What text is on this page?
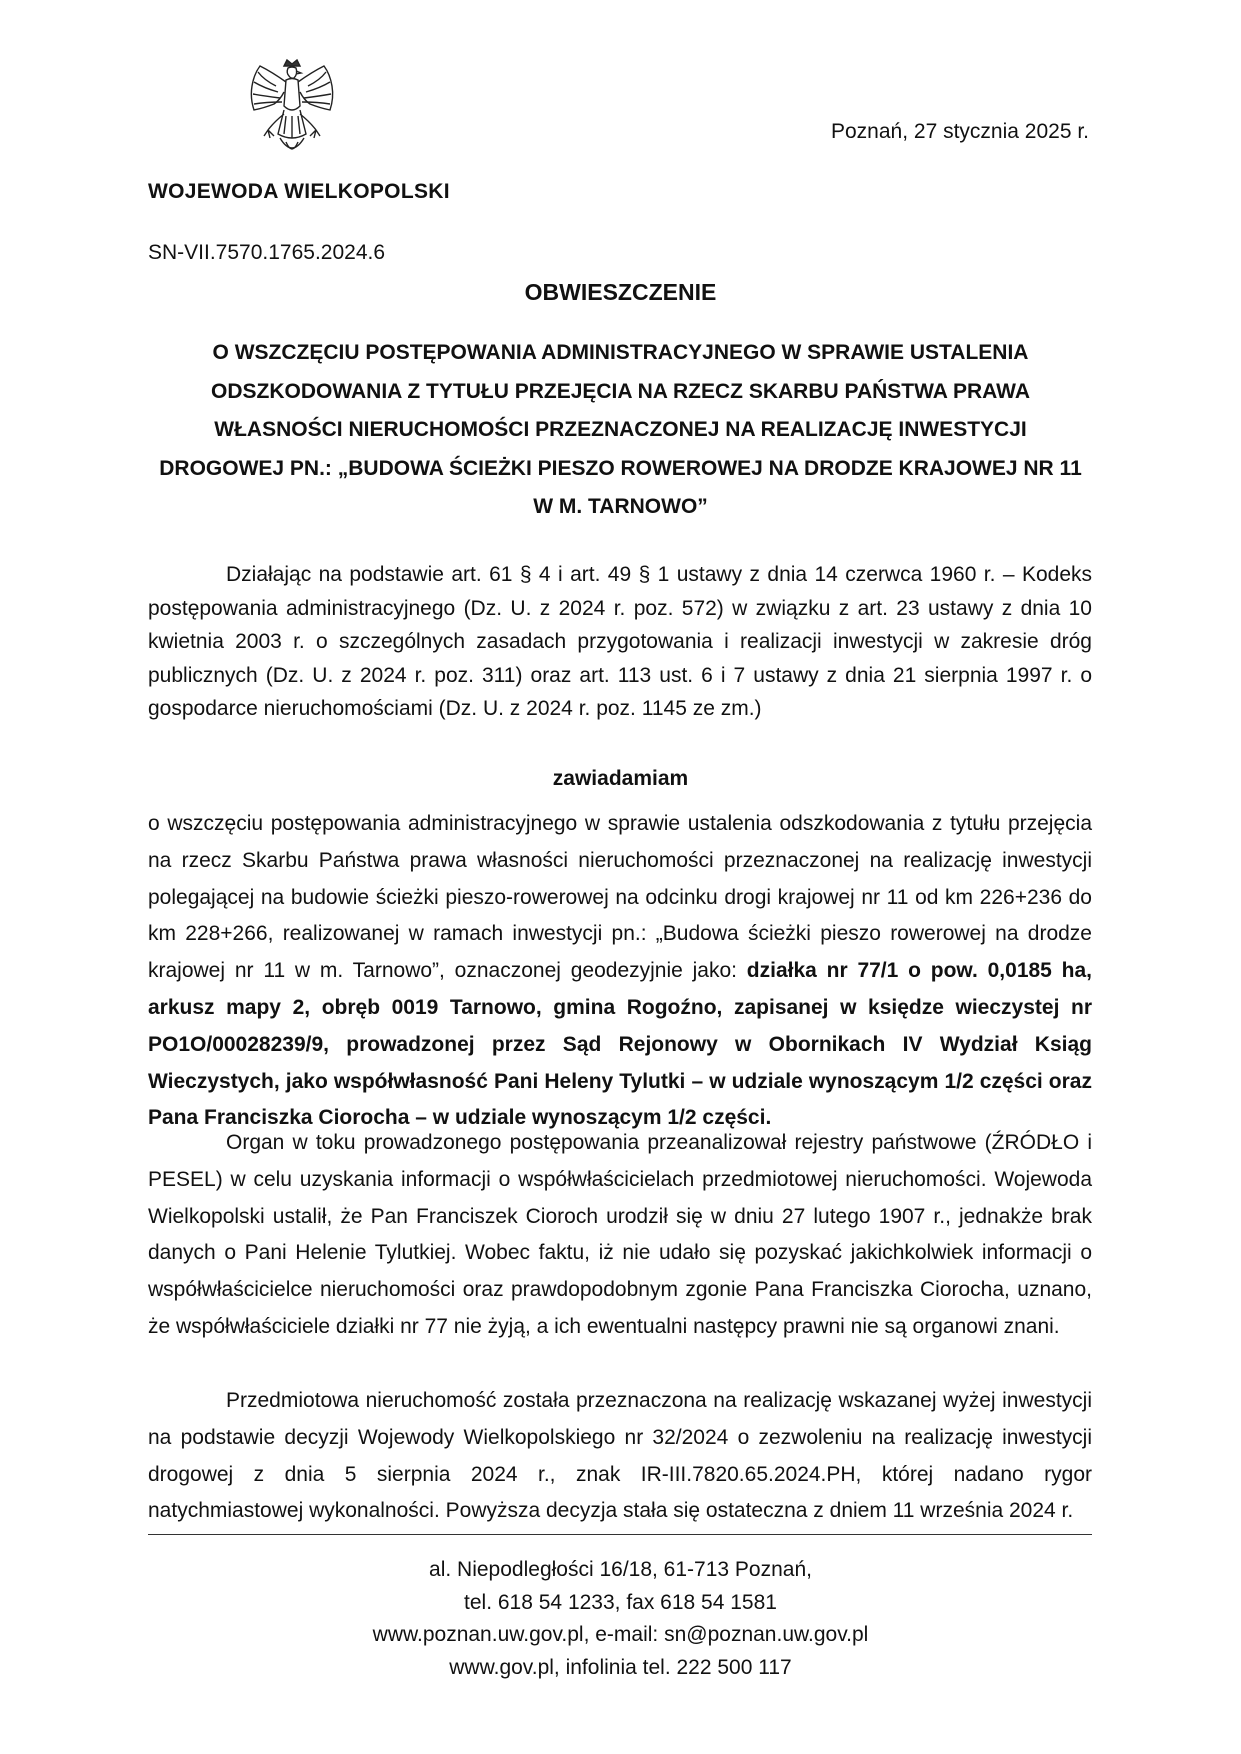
Poznań, 27 stycznia 2025 r.
WOJEWODA WIELKOPOLSKI
SN-VII.7570.1765.2024.6
OBWIESZCZENIE
O WSZCZĘCIU POSTĘPOWANIA ADMINISTRACYJNEGO W SPRAWIE USTALENIA ODSZKODOWANIA Z TYTUŁU PRZEJĘCIA NA RZECZ SKARBU PAŃSTWA PRAWA WŁASNOŚCI NIERUCHOMOŚCI PRZEZNACZONEJ NA REALIZACJĘ INWESTYCJI DROGOWEJ PN.: „BUDOWA ŚCIEŻKI PIESZO ROWEROWEJ NA DRODZE KRAJOWEJ NR 11 W M. TARNOWO”
Działając na podstawie art. 61 § 4 i art. 49 § 1 ustawy z dnia 14 czerwca 1960 r. – Kodeks postępowania administracyjnego (Dz. U. z 2024 r. poz. 572) w związku z art. 23 ustawy z dnia 10 kwietnia 2003 r. o szczególnych zasadach przygotowania i realizacji inwestycji w zakresie dróg publicznych (Dz. U. z 2024 r. poz. 311) oraz art. 113 ust. 6 i 7 ustawy z dnia 21 sierpnia 1997 r. o gospodarce nieruchomościami (Dz. U. z 2024 r. poz. 1145 ze zm.)
zawiadamiam
o wszczęciu postępowania administracyjnego w sprawie ustalenia odszkodowania z tytułu przejęcia na rzecz Skarbu Państwa prawa własności nieruchomości przeznaczonej na realizację inwestycji polegającej na budowie ścieżki pieszo-rowerowej na odcinku drogi krajowej nr 11 od km 226+236 do km 228+266, realizowanej w ramach inwestycji pn.: „Budowa ścieżki pieszo rowerowej na drodze krajowej nr 11 w m. Tarnowo”, oznaczonej geodezyjnie jako: działka nr 77/1 o pow. 0,0185 ha, arkusz mapy 2, obręb 0019 Tarnowo, gmina Rogoźno, zapisanej w księdze wieczystej nr PO1O/00028239/9, prowadzonej przez Sąd Rejonowy w Obornikach IV Wydział Ksiąg Wieczystych, jako współwłasność Pani Heleny Tylutki – w udziale wynoszącym 1/2 części oraz Pana Franciszka Ciorocha – w udziale wynoszącym 1/2 części.
Organ w toku prowadzonego postępowania przeanalizował rejestry państwowe (ŹRÓDŁO i PESEL) w celu uzyskania informacji o współwłaścicielach przedmiotowej nieruchomości. Wojewoda Wielkopolski ustalił, że Pan Franciszek Cioroch urodził się w dniu 27 lutego 1907 r., jednakże brak danych o Pani Helenie Tylutkiej. Wobec faktu, iż nie udało się pozyskać jakichkolwiek informacji o współwłaścicielce nieruchomości oraz prawdopodobnym zgonie Pana Franciszka Ciorocha, uznano, że współwłaściciele działki nr 77 nie żyją, a ich ewentualni następcy prawni nie są organowi znani.
Przedmiotowa nieruchomość została przeznaczona na realizację wskazanej wyżej inwestycji na podstawie decyzji Wojewody Wielkopolskiego nr 32/2024 o zezwoleniu na realizację inwestycji drogowej z dnia 5 sierpnia 2024 r., znak IR-III.7820.65.2024.PH, której nadano rygor natychmiastowej wykonalności. Powyższa decyzja stała się ostateczna z dniem 11 września 2024 r.
al. Niepodległości 16/18, 61-713 Poznań,
tel. 618 54 1233, fax 618 54 1581
www.poznan.uw.gov.pl, e-mail: sn@poznan.uw.gov.pl
www.gov.pl, infolinia tel. 222 500 117
